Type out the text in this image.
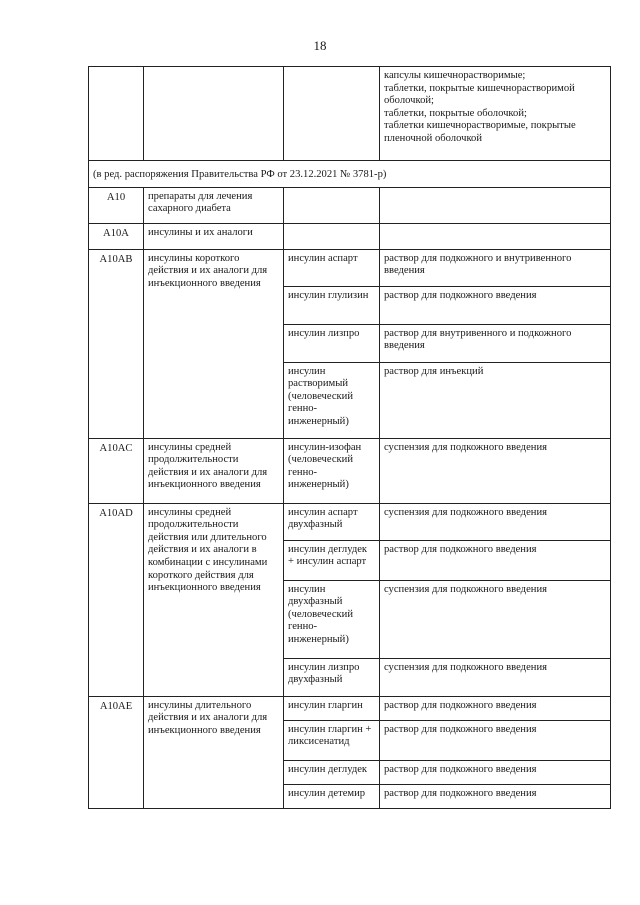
18

			капсулы кишечнорастворимые;
таблетки, покрытые кишечнорастворимой оболочкой;
таблетки, покрытые оболочкой;
таблетки кишечнорастворимые, покрытые пленочной оболочкой

(в ред. распоряжения Правительства РФ от 23.12.2021 № 3781-р)			
A10	препараты для лечения сахарного диабета		
A10A	инсулины и их аналоги		
A10AB	инсулины короткого действия и их аналоги для инъекционного введения	инсулин аспарт	раствор для подкожного и внутривенного введения
		инсулин глулизин	раствор для подкожного введения
		инсулин лизпро	раствор для внутривенного и подкожного введения
		инсулин растворимый (человеческий генно-инженерный)	раствор для инъекций
A10AC	инсулины средней продолжительности действия и их аналоги для инъекционного введения	инсулин-изофан (человеческий генно-инженерный)	суспензия для подкожного введения
A10AD	инсулины средней продолжительности действия или длительного действия и их аналоги в комбинации с инсулинами короткого действия для инъекционного введения	инсулин аспарт двухфазный	суспензия для подкожного введения
		инсулин деглудек + инсулин аспарт	раствор для подкожного введения
		инсулин двухфазный (человеческий генно-инженерный)	суспензия для подкожного введения
		инсулин лизпро двухфазный	суспензия для подкожного введения
A10AE	инсулины длительного действия и их аналоги для инъекционного введения	инсулин гларгин	раствор для подкожного введения
		инсулин гларгин + ликсисенатид	раствор для подкожного введения
		инсулин деглудек	раствор для подкожного введения
		инсулин детемир	раствор для подкожного введения
